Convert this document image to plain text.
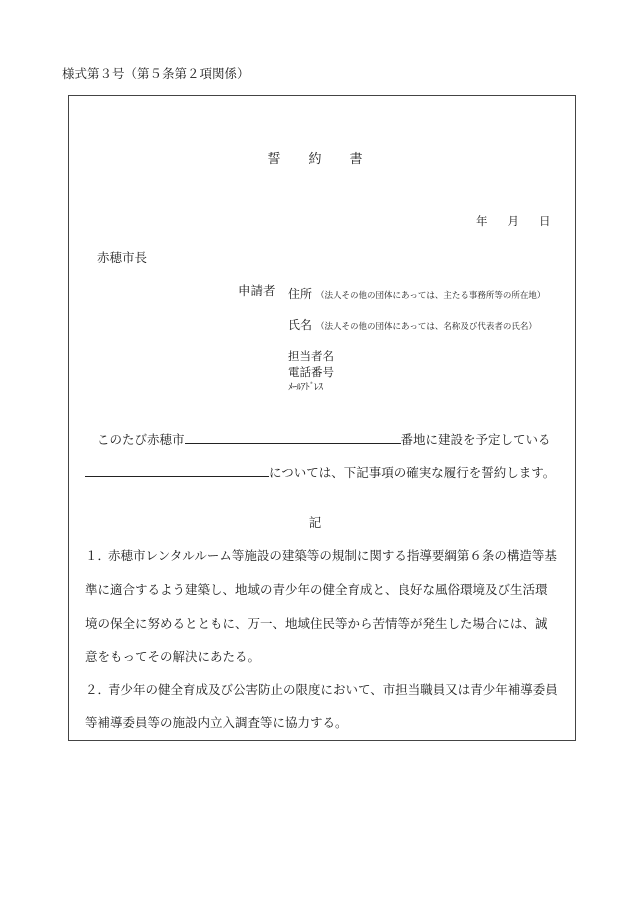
様式第３号（第５条第２項関係）
誓 約 書
年 月 日
赤穂市長
申請者 住所 （法人その他の団体にあっては、主たる事務所等の所在地）
氏名 （法人その他の団体にあっては、名称及び代表者の氏名）
担当者名
電話番号
ﾒｰﾙｱﾄﾞﾚｽ
このたび赤穂市	番地に建設を予定している
については、下記事項の確実な履行を誓約します。
記
１．
赤穂市レンタルルーム等施設の建築等の規制に関する指導要綱第６条の構造等基
準に適合するよう建築し、地域の青少年の健全育成と、良好な風俗環境及び生活環
境の保全に努めるとともに、万一、地域住民等から苦情等が発生した場合には、誠
意をもってその解決にあたる。
２．
青少年の健全育成及び公害防止の限度において、市担当職員又は青少年補導委員
等補導委員等の施設内立入調査等に協力する。
